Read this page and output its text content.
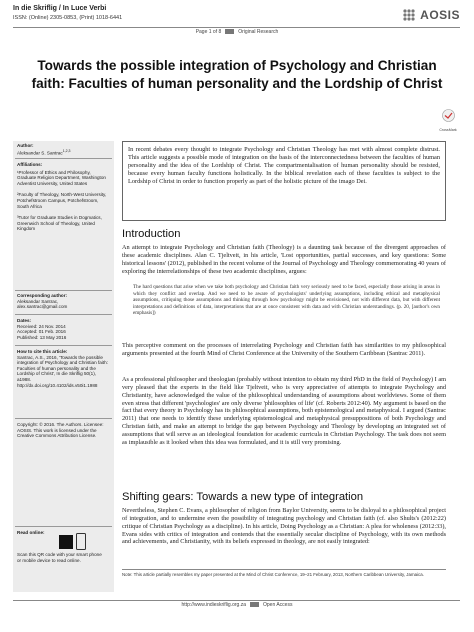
In die Skriflig / In Luce Verbi
ISSN: (Online) 2305-0853, (Print) 1018-6441	AOSIS
Page 1 of 8	Original Research
Towards the possible integration of Psychology and Christian faith: Faculties of human personality and the Lordship of Christ
CrossMark
Author:
Aleksandar S. Santrac$^{1,2,3}$
Affiliations:
¹Professor of Ethics and Philosophy, Graduate Religion Department, Washington Adventist University, United States
²Faculty of Theology, North-West University, Potchefstroom Campus, Potchefstroom, South Africa
³Tutor for Graduate Studies in Dogmatics, Greenwich School of Theology, United Kingdom
Corresponding author:
Aleksandar Santrac,
alex.santrac@gmail.com
Dates:
Received: 24 Nov. 2014
Accepted: 01 Feb. 2016
Published: 13 May 2016
How to cite this article:
Santrac, A.S., 2016, 'Towards the possible integration of Psychology and Christian faith: Faculties of human personality and the Lordship of Christ', In die Skriflig 50(1), a1988. http://dx.doi.org/10.4102/ids.v50i1.1988
Copyright: © 2016. The Authors. Licensee: AOSIS. This work is licensed under the Creative Commons Attribution License.
Read online:
Scan this QR code with your smart phone or mobile device to read online.
In recent debates every thought to integrate Psychology and Christian Theology has met with almost complete distrust. This article suggests a possible mode of integration on the basis of the interconnectedness between the faculties of human personality and the idea of the Lordship of Christ. The compartmentalisation of human personality should be resisted, because every human faculty functions holistically. In the biblical revelation each of these faculties is subject to the Lordship of Christ in order to function properly as part of the holistic picture of the imago Dei.
Introduction
An attempt to integrate Psychology and Christian faith (Theology) is a daunting task because of the divergent approaches of these academic disciplines. Alan C. Tjeltveit, in his article, 'Lost opportunities, partial successes, and key questions: Some historical lessons' (2012), published in the recent volume of the Journal of Psychology and Theology commemorating 40 years of exploring the interrelationships of these two academic disciplines, argues:
The hard questions that arise when we take both psychology and Christian faith very seriously need to be faced, especially those arising in areas in which they conflict and overlap. And we need to be aware of psychologists' underlying assumptions, including ethical and metaphysical assumptions, critiquing those assumptions and thinking through how psychology might be envisioned, not with different data, but with different interpretations and definitions of data, interpretations that are at once consistent with data and with Christian understandings. (p. 20, [author's own emphasis])
This perceptive comment on the processes of interrelating Psychology and Christian faith has similarities to my philosophical arguments presented at the fourth Mind of Christ Conference at the University of the Southern Caribbean (Santrac 2011).
As a professional philosopher and theologian (probably without intention to obtain my third PhD in the field of Psychology) I am very pleased that the experts in the field like Tjeltveit, who is very appreciative of attempts to integrate Psychology and Christianity, have acknowledged the value of the philosophical understanding of assumptions about worldviews. Some of them even stress that different 'psychologies' are only diverse 'philosophies of life' (cf. Roberts 2012:40). My argument is based on the fact that every theory in Psychology has its philosophical assumptions, both epistemological and metaphysical. I argued (Santrac 2011) that one needs to identify these underlying epistemological and metaphysical presuppositions of both Psychology and Christian faith, and make an attempt to bridge the gap between Psychology and Theology by developing an integrated set of assumptions that will serve as an ideological foundation for academic curricula in Christian Psychology. The task does not seem as implausible as it looked when this idea was formulated, and it is still very promising.
Shifting gears: Towards a new type of integration
Nevertheless, Stephen C. Evans, a philosopher of religion from Baylor University, seems to be disloyal to a philosophical project of integration, and to undermine even the possibility of integrating psychology and Christian faith (cf. also Shults's (2012:22) critique of Christian Psychology as a discipline). In his article, Doing Psychology as a Christian: A plea for wholeness (2012:33), Evans sides with critics of integration and contends that the essentially secular discipline of Psychology, with its own methods and achievements, and Christianity, with its beliefs expressed in theology, are not easily integrated:
Note: This article partially resembles my paper presented at the Mind of Christ Conference, 19–21 February, 2013, Northern Caribbean University, Jamaica.
http://www.indieskriflig.org.za	Open Access
